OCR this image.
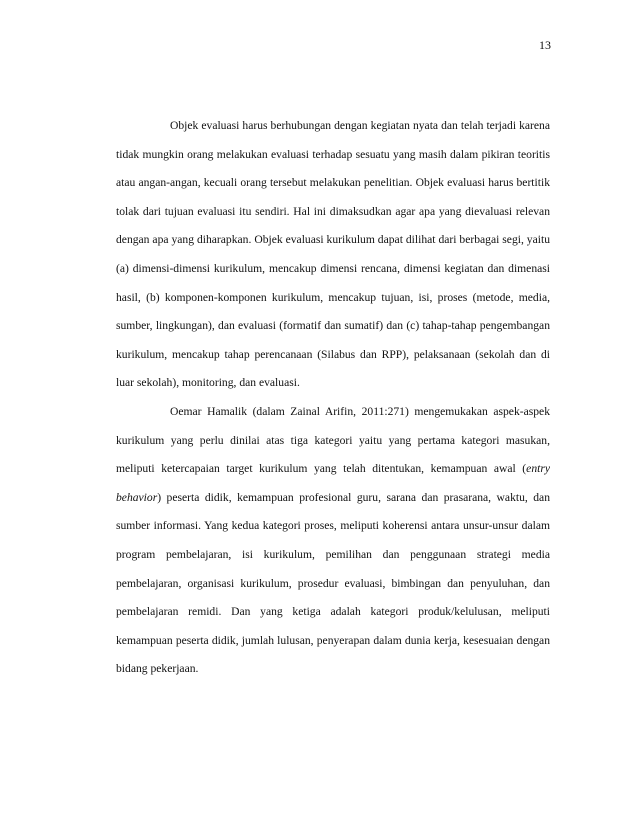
13

Objek evaluasi harus berhubungan dengan kegiatan nyata dan telah terjadi karena tidak mungkin orang melakukan evaluasi terhadap sesuatu yang masih dalam pikiran teoritis atau angan-angan, kecuali orang tersebut melakukan penelitian. Objek evaluasi harus bertitik tolak dari tujuan evaluasi itu sendiri. Hal ini dimaksudkan agar apa yang dievaluasi relevan dengan apa yang diharapkan. Objek evaluasi kurikulum dapat dilihat dari berbagai segi, yaitu (a) dimensi-dimensi kurikulum, mencakup dimensi rencana, dimensi kegiatan dan dimenasi hasil, (b) komponen-komponen kurikulum, mencakup tujuan, isi, proses (metode, media, sumber, lingkungan), dan evaluasi (formatif dan sumatif) dan (c) tahap-tahap pengembangan kurikulum, mencakup tahap perencanaan (Silabus dan RPP), pelaksanaan (sekolah dan di luar sekolah), monitoring, dan evaluasi.

Oemar Hamalik (dalam Zainal Arifin, 2011:271) mengemukakan aspek-aspek kurikulum yang perlu dinilai atas tiga kategori yaitu yang pertama kategori masukan, meliputi ketercapaian target kurikulum yang telah ditentukan, kemampuan awal (entry behavior) peserta didik, kemampuan profesional guru, sarana dan prasarana, waktu, dan sumber informasi. Yang kedua kategori proses, meliputi koherensi antara unsur-unsur dalam program pembelajaran, isi kurikulum, pemilihan dan penggunaan strategi media pembelajaran, organisasi kurikulum, prosedur evaluasi, bimbingan dan penyuluhan, dan pembelajaran remidi. Dan yang ketiga adalah kategori produk/kelulusan, meliputi kemampuan peserta didik, jumlah lulusan, penyerapan dalam dunia kerja, kesesuaian dengan bidang pekerjaan.
